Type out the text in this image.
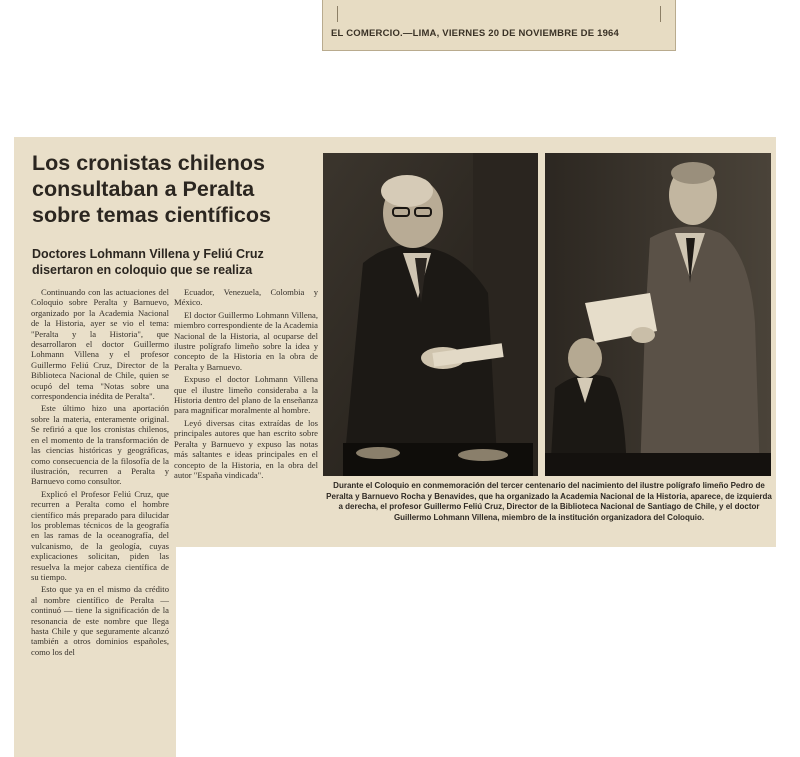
EL COMERCIO.—LIMA, VIERNES 20 DE NOVIEMBRE DE 1964
Los cronistas chilenos consultaban a Peralta sobre temas científicos
Doctores Lohmann Villena y Feliú Cruz disertaron en coloquio que se realiza

Continuando con las actuaciones del Coloquio sobre Peralta y Barnuevo, organizado por la Academia Nacional de la Historia, ayer se vio el tema: "Peralta y la Historia", que desarrollaron el doctor Guillermo Lohmann Villena y el profesor Guillermo Feliú Cruz, Director de la Biblioteca Nacional de Chile, quien se ocupó del tema "Notas sobre una correspondencia inédita de Peralta".

Este último hizo una aportación sobre la materia, enteramente original. Se refirió a que los cronistas chilenos, en el momento de la transformación de las ciencias históricas y geográficas, como consecuencia de la filosofía de la ilustración, recurren a Peralta y Barnuevo como consultor.

Explicó el Profesor Feliú Cruz, que recurren a Peralta como el hombre científico más preparado para dilucidar los problemas técnicos de la geografía en las ramas de la oceanografía, del vulcanismo, de la geología, cuyas explicaciones solicitan, piden las resuelva la mejor cabeza científica de su tiempo.

Esto que ya en el mismo da crédito al nombre científico de Peralta — continuó — tiene la significación de la resonancia de este nombre que llega hasta Chile y que seguramente alcanzó también a otros dominios españoles, como los del

Ecuador, Venezuela, Colombia y México.

El doctor Guillermo Lohmann Villena, miembro correspondiente de la Academia Nacional de la Historia, al ocuparse del ilustre polígrafo limeño sobre la idea y concepto de la Historia en la obra de Peralta y Barnuevo.

Expuso el doctor Lohmann Villena que el ilustre limeño consideraba a la Historia dentro del plano de la enseñanza para magnificar moralmente al hombre.

Leyó diversas citas extraídas de los principales autores que han escrito sobre Peralta y Barnuevo y expuso las notas más saltantes e ideas principales en el concepto de la Historia, en la obra del autor "España vindicada".

Durante el Coloquio en conmemoración del tercer centenario del nacimiento del ilustre polígrafo limeño Pedro de Peralta y Barnuevo Rocha y Benavides, que ha organizado la Academia Nacional de la Historia, aparece, de izquierda a derecha, el profesor Guillermo Feliú Cruz, Director de la Biblioteca Nacional de Santiago de Chile, y el doctor Guillermo Lohmann Villena, miembro de la institución organizadora del Coloquio.
